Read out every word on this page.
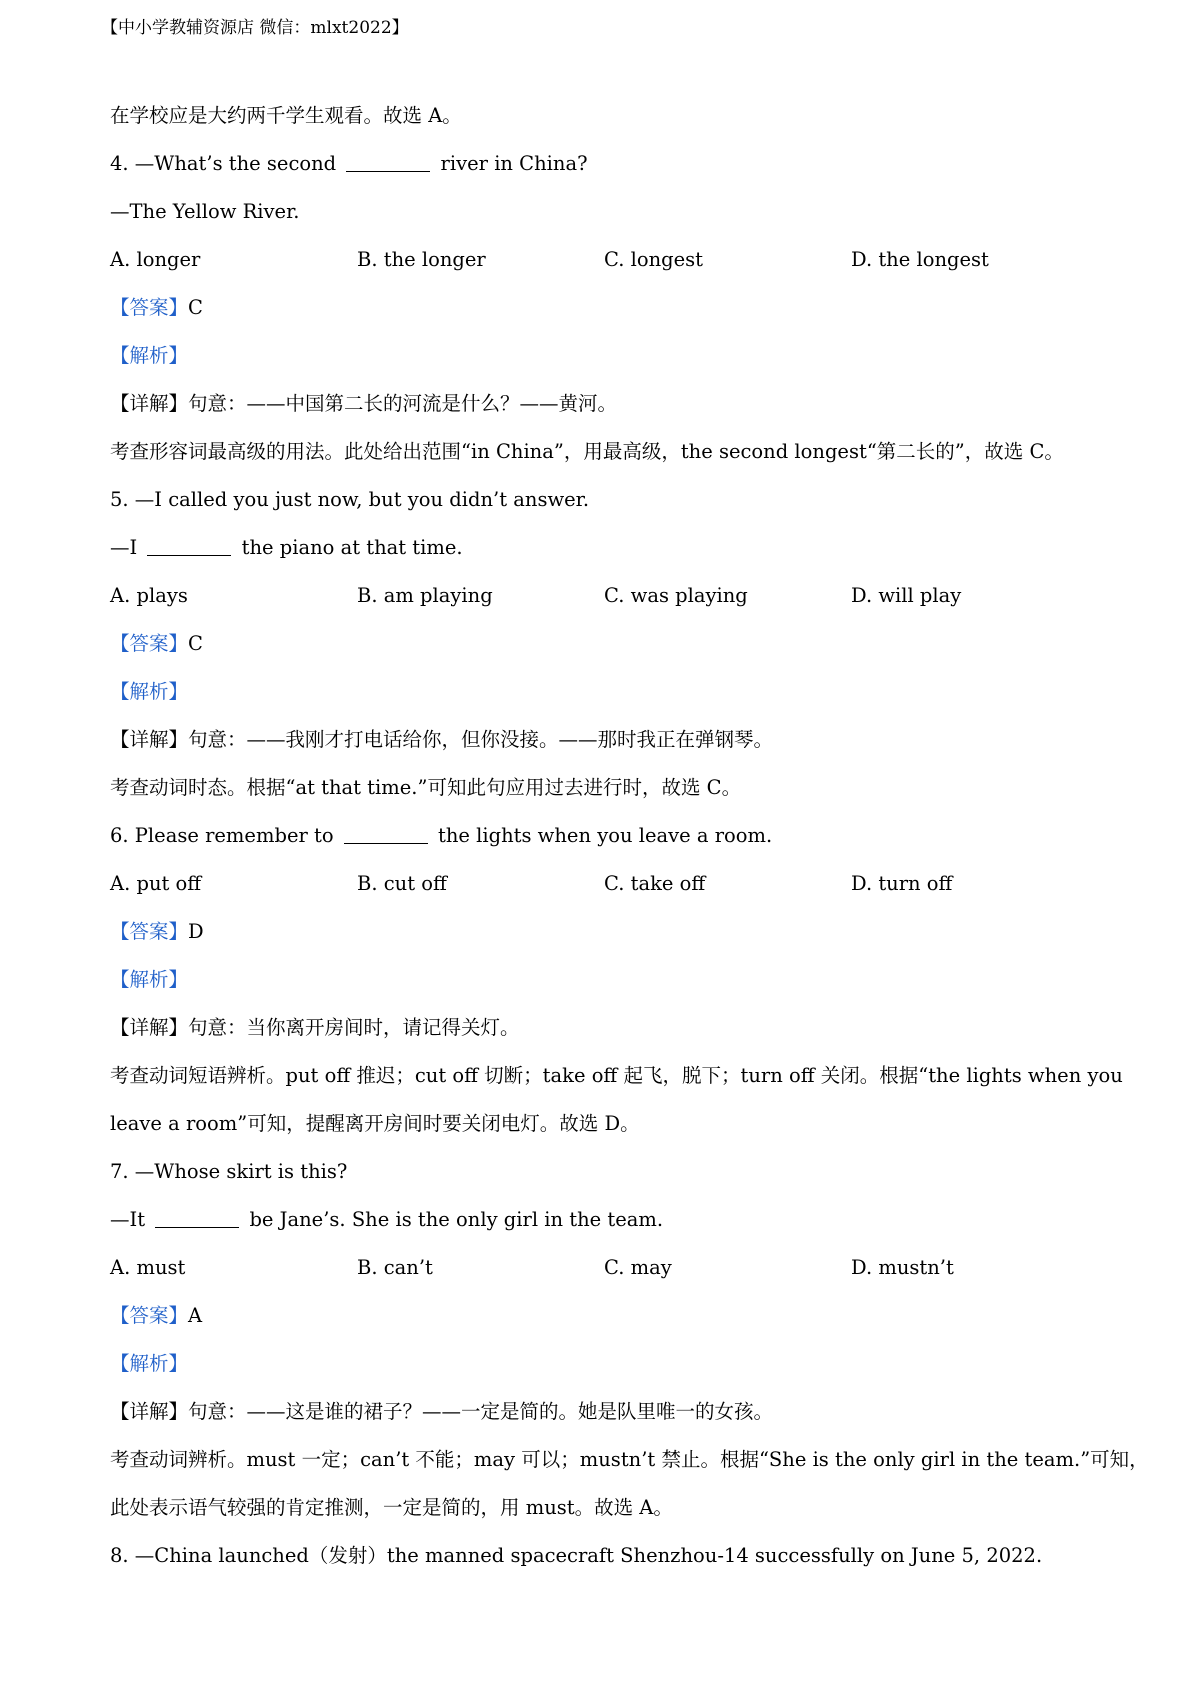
【中小学教辅资源店 微信：mlxt2022】
在学校应是大约两千学生观看。故选 A。
4. —What’s the second	river in China?
—The Yellow River.
A. longer	B. the longer	C. longest	D. the longest
【答案】C
【解析】
【详解】句意：——中国第二长的河流是什么？——黄河。
考查形容词最高级的用法。此处给出范围“in China”，用最高级，the second longest“第二长的”，故选 C。
5. —I called you just now, but you didn’t answer.
—I	the piano at that time.
A. plays	B. am playing	C. was playing	D. will play
【答案】C
【解析】
【详解】句意：——我刚才打电话给你，但你没接。——那时我正在弹钢琴。
考查动词时态。根据“at that time.”可知此句应用过去进行时，故选 C。
6. Please remember to	the lights when you leave a room.
A. put off	B. cut off	C. take off	D. turn off
【答案】D
【解析】
【详解】句意：当你离开房间时，请记得关灯。
考查动词短语辨析。put off 推迟；cut off 切断；take off 起飞，脱下；turn off 关闭。根据“the lights when you
leave a room”可知，提醒离开房间时要关闭电灯。故选 D。
7. —Whose skirt is this?
—It	be Jane’s. She is the only girl in the team.
A. must	B. can’t	C. may	D. mustn’t
【答案】A
【解析】
【详解】句意：——这是谁的裙子？——一定是简的。她是队里唯一的女孩。
考查动词辨析。must 一定；can’t 不能；may 可以；mustn’t 禁止。根据“She is the only girl in the team.”可知，
此处表示语气较强的肯定推测，一定是简的，用 must。故选 A。
8. —China launched（发射）the manned spacecraft Shenzhou-14 successfully on June 5, 2022.
